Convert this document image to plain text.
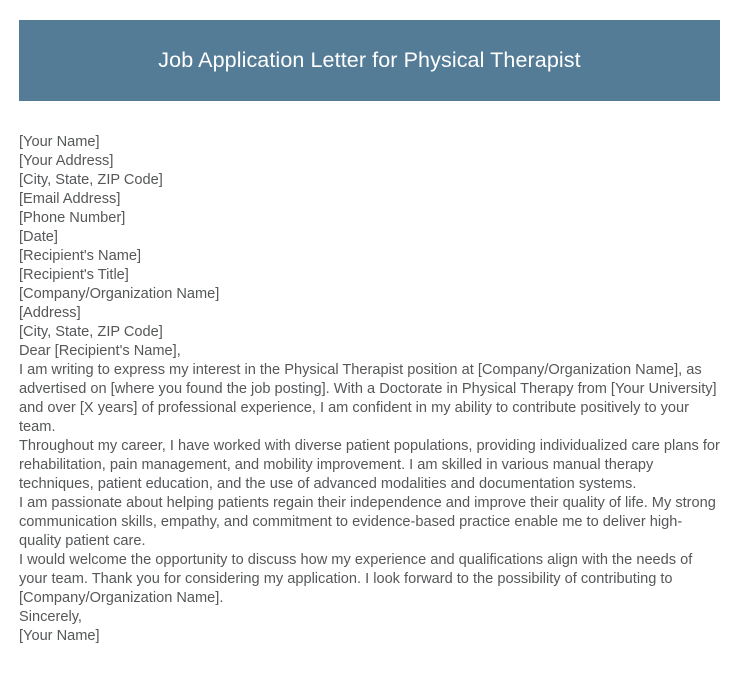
Job Application Letter for Physical Therapist
[Your Name]
[Your Address]
[City, State, ZIP Code]
[Email Address]
[Phone Number]
[Date]
[Recipient's Name]
[Recipient's Title]
[Company/Organization Name]
[Address]
[City, State, ZIP Code]
Dear [Recipient's Name],

I am writing to express my interest in the Physical Therapist position at [Company/Organization Name], as advertised on [where you found the job posting]. With a Doctorate in Physical Therapy from [Your University] and over [X years] of professional experience, I am confident in my ability to contribute positively to your team.

Throughout my career, I have worked with diverse patient populations, providing individualized care plans for rehabilitation, pain management, and mobility improvement. I am skilled in various manual therapy techniques, patient education, and the use of advanced modalities and documentation systems.

I am passionate about helping patients regain their independence and improve their quality of life. My strong communication skills, empathy, and commitment to evidence-based practice enable me to deliver high-quality patient care.

I would welcome the opportunity to discuss how my experience and qualifications align with the needs of your team. Thank you for considering my application. I look forward to the possibility of contributing to [Company/Organization Name].

Sincerely,
[Your Name]
